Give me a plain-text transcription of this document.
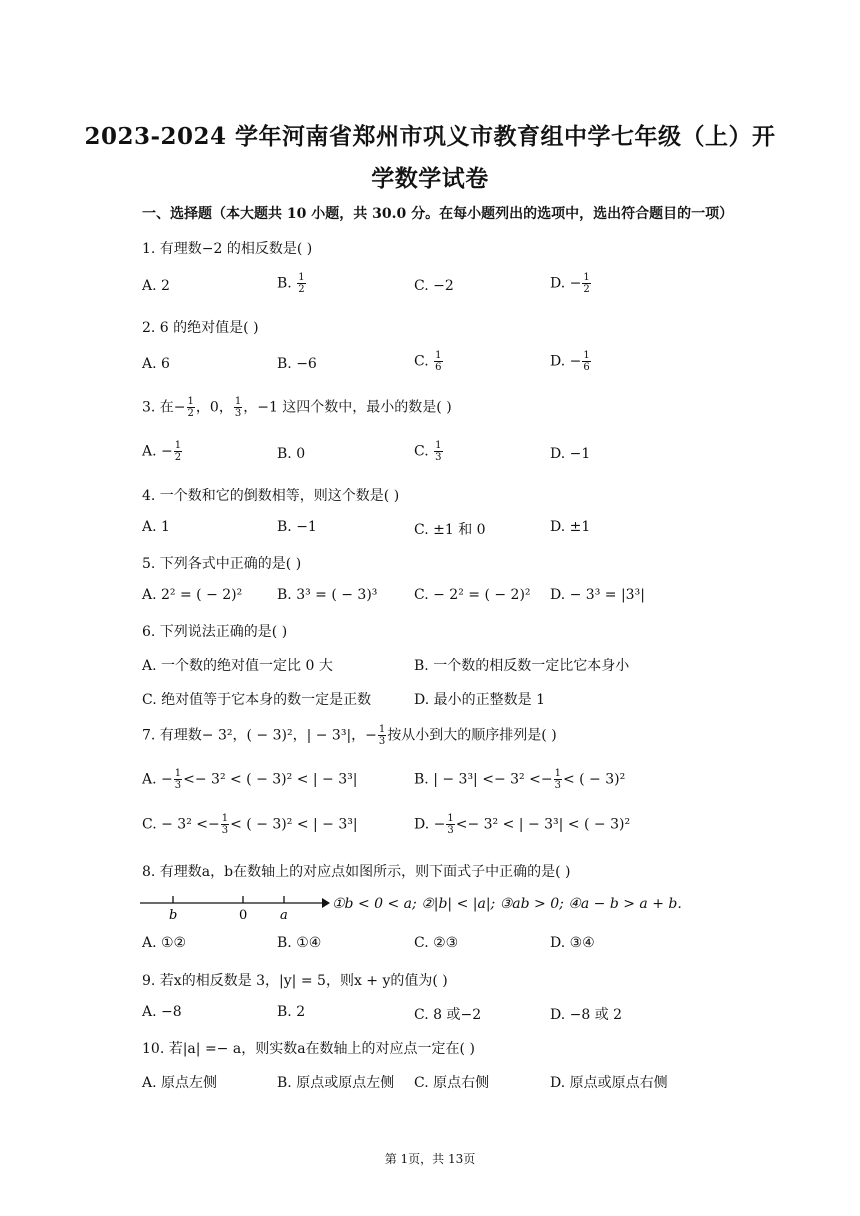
2023-2024 学年河南省郑州市巩义市教育组中学七年级（上）开
学数学试卷
一、选择题（本大题共 10 小题，共 30.0 分。在每小题列出的选项中，选出符合题目的一项）
1. 有理数−2 的相反数是( )
A. 2	B. $\frac{1}{2}$	C. −2	D. − $\frac{1}{2}$
2. 6 的绝对值是( )
A. 6	B. −6	C. $\frac{1}{6}$	D. − $\frac{1}{6}$
3. 在− $\frac{1}{2}$ ，0， $\frac{1}{3}$ ，−1 这四个数中，最小的数是( )
A. − $\frac{1}{2}$	B. 0	C. $\frac{1}{3}$	D. −1
4. 一个数和它的倒数相等，则这个数是( )
A. 1	B. −1	C. ±1 和 0	D. ±1
5. 下列各式中正确的是( )
A. 2² = ( − 2)² B. 3³ = ( − 3)³	C. − 2² = ( − 2)² D. − 3³ = |3³|
6. 下列说法正确的是( )
A. 一个数的绝对值一定比 0 大	B. 一个数的相反数一定比它本身小
C. 绝对值等于它本身的数一定是正数	D. 最小的正整数是 1
7. 有理数− 3²，( − 3)²，| − 3³|，− $\frac{1}{3}$ 按从小到大的顺序排列是( )
A. − $\frac{1}{3} <- 3^2$ < ( − 3)² < | − 3³|	B. | − $3^3| <- 3^2 <- \frac{1}{3}$ < ( − 3)²
C. − $3^2 <- \frac{1}{3}$ < ( − 3)² < | − 3³|	D. − $\frac{1}{3} <- 3^2$ < | − 3³| < ( − 3)²
8. 有理数a，b在数轴上的对应点如图所示，则下面式子中正确的是( )
b	0	a
①b < 0 < a; ②|b| < |a|; ③ab > 0; ④a − b > a + b.
A. ①②	B. ①④	C. ②③	D. ③④
9. 若x的相反数是 3，|y| = 5，则x + y的值为( )
A. −8	B. 2	C. 8 或−2	D. −8 或 2
10. 若|a| =− a，则实数a在数轴上的对应点一定在( )
A. 原点左侧	B. 原点或原点左侧 C. 原点右侧	D. 原点或原点右侧
第 1页，共 13页
